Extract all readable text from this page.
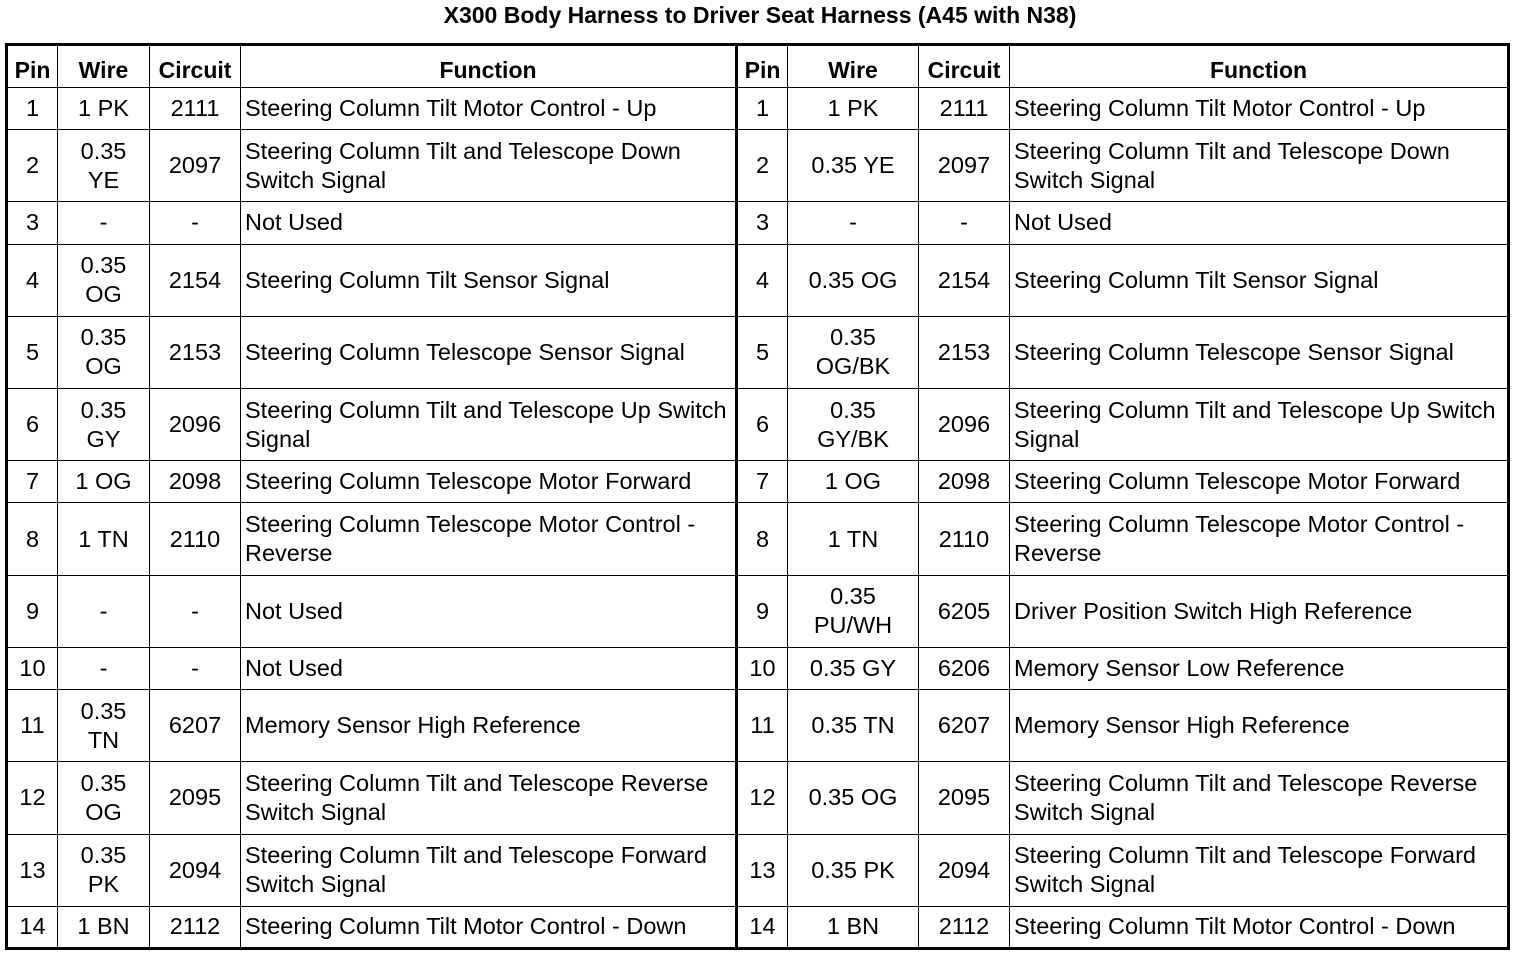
X300 Body Harness to Driver Seat Harness (A45 with N38)
Pin	Wire	Circuit	Function	Pin	Wire	Circuit	Function
1	1 PK	2111	Steering Column Tilt Motor Control - Up	1	1 PK	2111	Steering Column Tilt Motor Control - Up
2	0.35 YE	2097	Steering Column Tilt and Telescope Down Switch Signal	2	0.35 YE	2097	Steering Column Tilt and Telescope Down Switch Signal
3	-	-	Not Used	3	-	-	Not Used
4	0.35 OG	2154	Steering Column Tilt Sensor Signal	4	0.35 OG	2154	Steering Column Tilt Sensor Signal
5	0.35 OG	2153	Steering Column Telescope Sensor Signal	5	0.35 OG/BK	2153	Steering Column Telescope Sensor Signal
6	0.35 GY	2096	Steering Column Tilt and Telescope Up Switch Signal	6	0.35 GY/BK	2096	Steering Column Tilt and Telescope Up Switch Signal
7	1 OG	2098	Steering Column Telescope Motor Forward	7	1 OG	2098	Steering Column Telescope Motor Forward
8	1 TN	2110	Steering Column Telescope Motor Control - Reverse	8	1 TN	2110	Steering Column Telescope Motor Control - Reverse
9	-	-	Not Used	9	0.35 PU/WH	6205	Driver Position Switch High Reference
10	-	-	Not Used	10	0.35 GY	6206	Memory Sensor Low Reference
11	0.35 TN	6207	Memory Sensor High Reference	11	0.35 TN	6207	Memory Sensor High Reference
12	0.35 OG	2095	Steering Column Tilt and Telescope Reverse Switch Signal	12	0.35 OG	2095	Steering Column Tilt and Telescope Reverse Switch Signal
13	0.35 PK	2094	Steering Column Tilt and Telescope Forward Switch Signal	13	0.35 PK	2094	Steering Column Tilt and Telescope Forward Switch Signal
14	1 BN	2112	Steering Column Tilt Motor Control - Down	14	1 BN	2112	Steering Column Tilt Motor Control - Down
